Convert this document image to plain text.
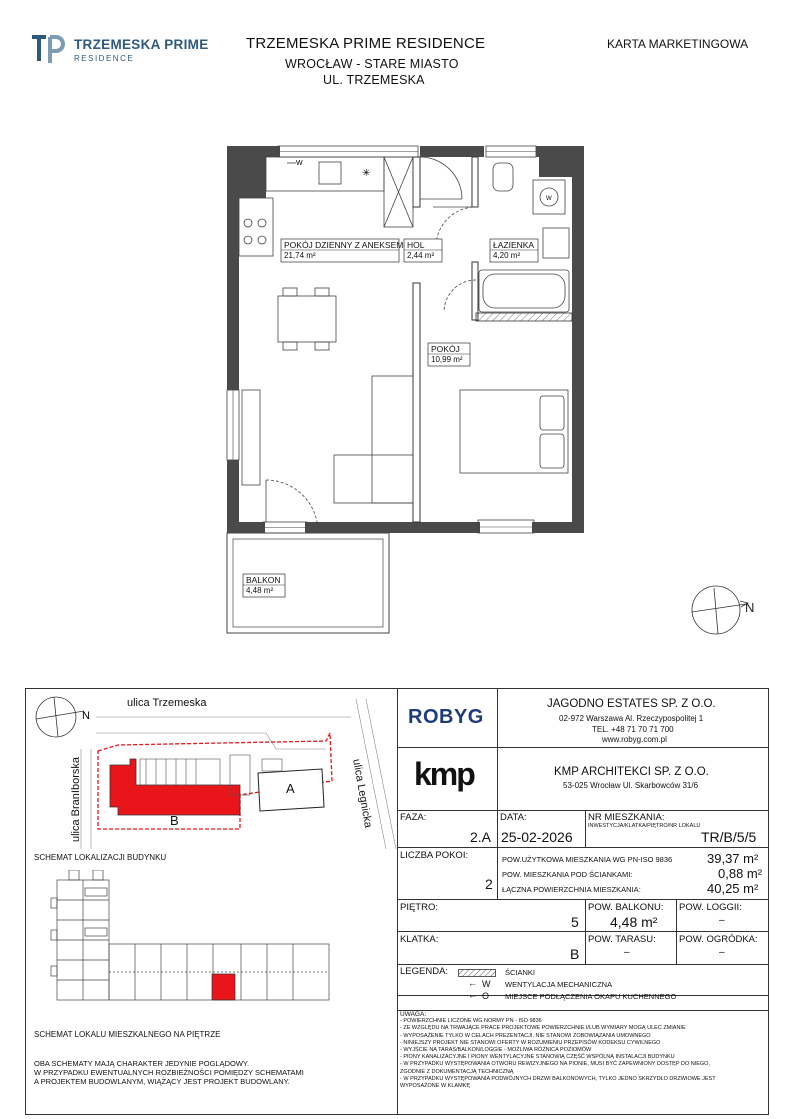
TRZEMESKA PRIME
RESIDENCE
TRZEMESKA PRIME RESIDENCE
WROCŁAW - STARE MIASTO
UL. TRZEMESKA
KARTA MARKETINGOWA
W
✳
W
N
POKÓJ DZIENNY Z ANEKSEM
21,74 m²
HOL
2,44 m²
ŁAZIENKA
4,20 m²
POKÓJ
10,99 m²
BALKON
4,48 m²
N
ulica Trzemeska
ulica BranIborska	ulica Legnicka
B
A
SCHEMAT LOKALIZACJI BUDYNKU
SCHEMAT LOKALU MIESZKALNEGO NA PIĘTRZE
OBA SCHEMATY MAJĄ CHARAKTER JEDYNIE POGLĄDOWY.
W PRZYPADKU EWENTUALNYCH ROZBIEŻNOŚCI POMIĘDZY SCHEMATAMI
A PROJEKTEM BUDOWLANYM, WIĄŻĄCY JEST PROJEKT BUDOWLANY.
ROBYG
JAGODNO ESTATES SP. Z O.O.
02-972 Warszawa Al. Rzeczypospolitej 1
TEL. +48 71 70 71 700
www.robyg.com.pl
kmp	KMP ARCHITEKCI SP. Z O.O.
53-025 Wrocław Ul. Skarbowców 31/6
FAZA:
2.A
DATA:
25-02-2026
NR MIESZKANIA:
INWESTYCJA/KLATKA/PIĘTRO/NR LOKALU
TR/B/5/5
LICZBA POKOI:
2
POW.UŻYTKOWA MIESZKANIA WG PN-ISO 9836	39,37 m²
POW. MIESZKANIA POD ŚCIANKAMI:	0,88 m²
ŁĄCZNA POWIERZCHNIA MIESZKANIA:	40,25 m²
PIĘTRO:
5
POW. BALKONU:
4,48 m²
POW. LOGGII:
–
KLATKA:
B
POW. TARASU:
–
POW. OGRÓDKA:
–
LEGENDA:	ŚCIANKI
← W WENTYLACJA MECHANICZNA
← O MIEJSCE PODŁĄCZENIA OKAPU KUCHENNEGO
UWAGA:
- POWIERZCHNIE LICZONE WG NORMY PN - ISO 9836
- ZE WZGLĘDU NA TRWAJĄCE PRACE PROJEKTOWE POWIERZCHNIE I/LUB WYMIARY MOGĄ ULEC ZMIANIE
- WYPOSAŻENIE TYLKO W CELACH PREZENTACJI, NIE STANOWI ZOBOWIĄZANIA UMOWNEGO
- NINIEJSZY PROJEKT NIE STANOWI OFERTY W ROZUMIENIU PRZEPISÓW KODEKSU CYWILNEGO
- WYJŚCIE NA TARAS/BALKON/LOGGIE - MOŻLIWA RÓŻNICA POZIOMÓW
- PIONY KANALIZACYJNE I PIONY WENTYLACYJNE STANOWIĄ CZĘŚĆ WSPÓLNĄ INSTALACJI BUDYNKU
- W PRZYPADKU WYSTĘPOWANIA OTWORU REWIZYJNEGO NA PIONIE, MUSI BYĆ ZAPEWNIONY DOSTĘP DO NIEGO,
ZGODNIE Z DOKUMENTACJĄ TECHNICZNĄ
- W PRZYPADKU WYSTĘPOWANIA PODWÓJNYCH DRZWI BALKONOWYCH, TYLKO JEDNO SKRZYDŁO DRZWIOWE JEST
WYPOSAŻONE W KLAMKĘ
